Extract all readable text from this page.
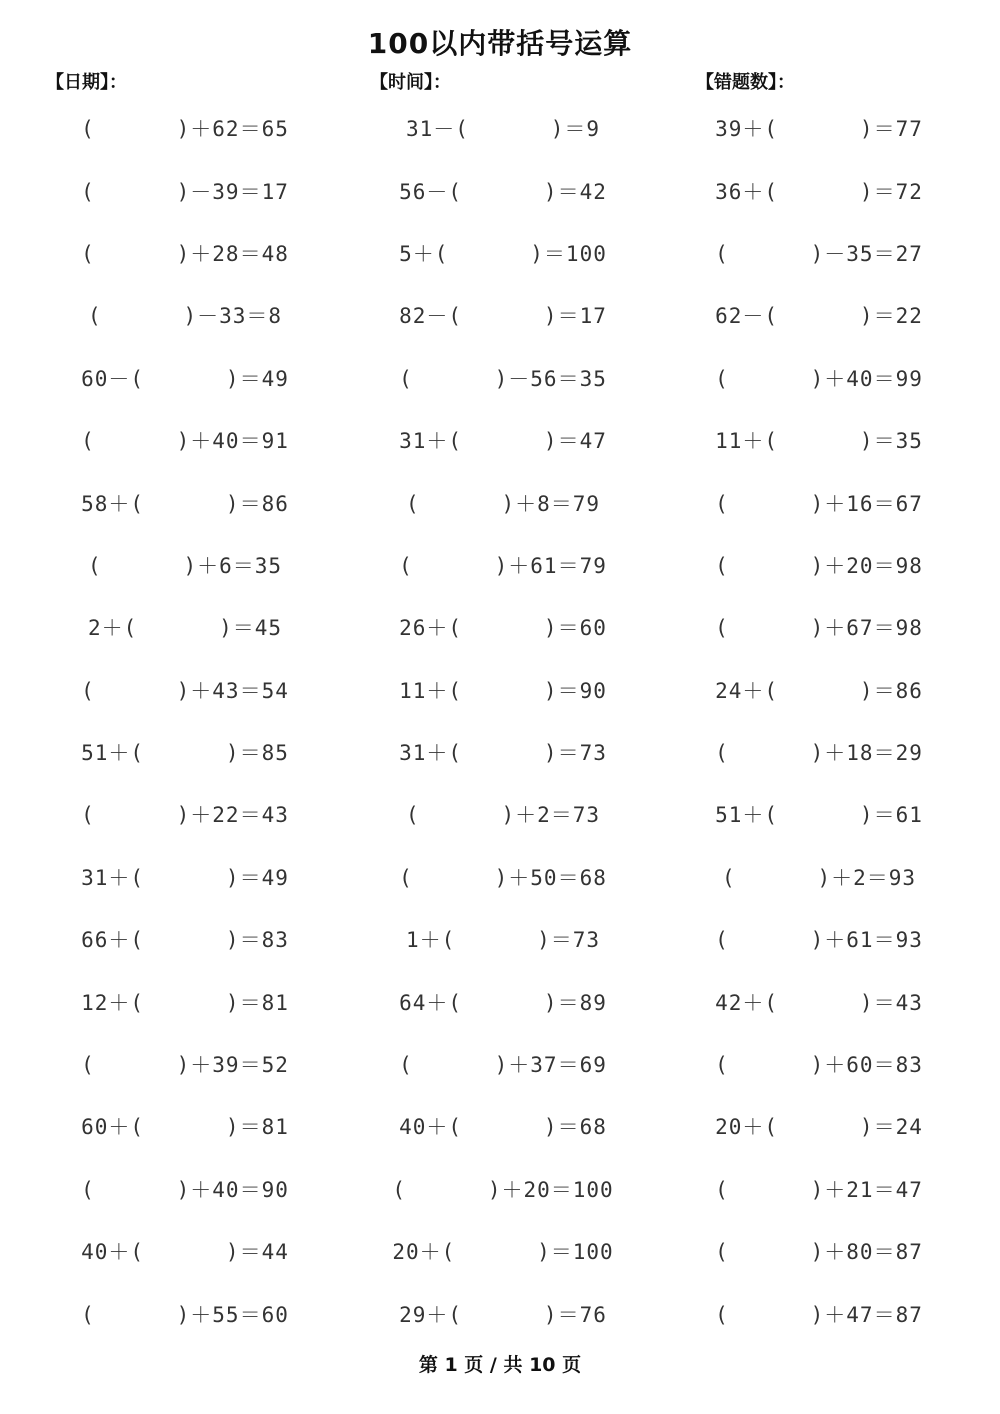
100以内带括号运算
【日期】：	【时间】：	【错题数】：
(      )＋62＝65
(      )－39＝17
(      )＋28＝48
(      )－33＝8
60－(      )＝49
(      )＋40＝91
58＋(      )＝86
(      )＋6＝35
2＋(      )＝45
(      )＋43＝54
51＋(      )＝85
(      )＋22＝43
31＋(      )＝49
66＋(      )＝83
12＋(      )＝81
(      )＋39＝52
60＋(      )＝81
(      )＋40＝90
40＋(      )＝44
(      )＋55＝60
31－(      )＝9
56－(      )＝42
5＋(      )＝100
82－(      )＝17
(      )－56＝35
31＋(      )＝47
(      )＋8＝79
(      )＋61＝79
26＋(      )＝60
11＋(      )＝90
31＋(      )＝73
(      )＋2＝73
(      )＋50＝68
1＋(      )＝73
64＋(      )＝89
(      )＋37＝69
40＋(      )＝68
(      )＋20＝100
20＋(      )＝100
29＋(      )＝76
39＋(      )＝77
36＋(      )＝72
(      )－35＝27
62－(      )＝22
(      )＋40＝99
11＋(      )＝35
(      )＋16＝67
(      )＋20＝98
(      )＋67＝98
24＋(      )＝86
(      )＋18＝29
51＋(      )＝61
(      )＋2＝93
(      )＋61＝93
42＋(      )＝43
(      )＋60＝83
20＋(      )＝24
(      )＋21＝47
(      )＋80＝87
(      )＋47＝87
第 1 页 / 共 10 页
